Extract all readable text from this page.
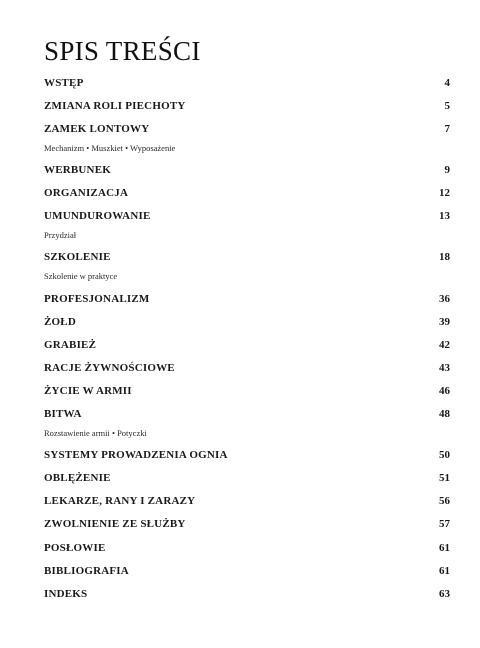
SPIS TREŚCI
WSTĘP	4
ZMIANA ROLI PIECHOTY	5
ZAMEK LONTOWY	7
Mechanizm • Muszkiet • Wyposażenie
WERBUNEK	9
ORGANIZACJA	12
UMUNDUROWANIE	13
Przydział
SZKOLENIE	18
Szkolenie w praktyce
PROFESJONALIZM	36
ŻOŁD	39
GRABIEŻ	42
RACJE ŻYWNOŚCIOWE	43
ŻYCIE W ARMII	46
BITWA	48
Rozstawienie armii • Potyczki
SYSTEMY PROWADZENIA OGNIA	50
OBLĘŻENIE	51
LEKARZE, RANY I ZARAZY	56
ZWOLNIENIE ZE SŁUŻBY	57
POSŁOWIE	61
BIBLIOGRAFIA	61
INDEKS	63
